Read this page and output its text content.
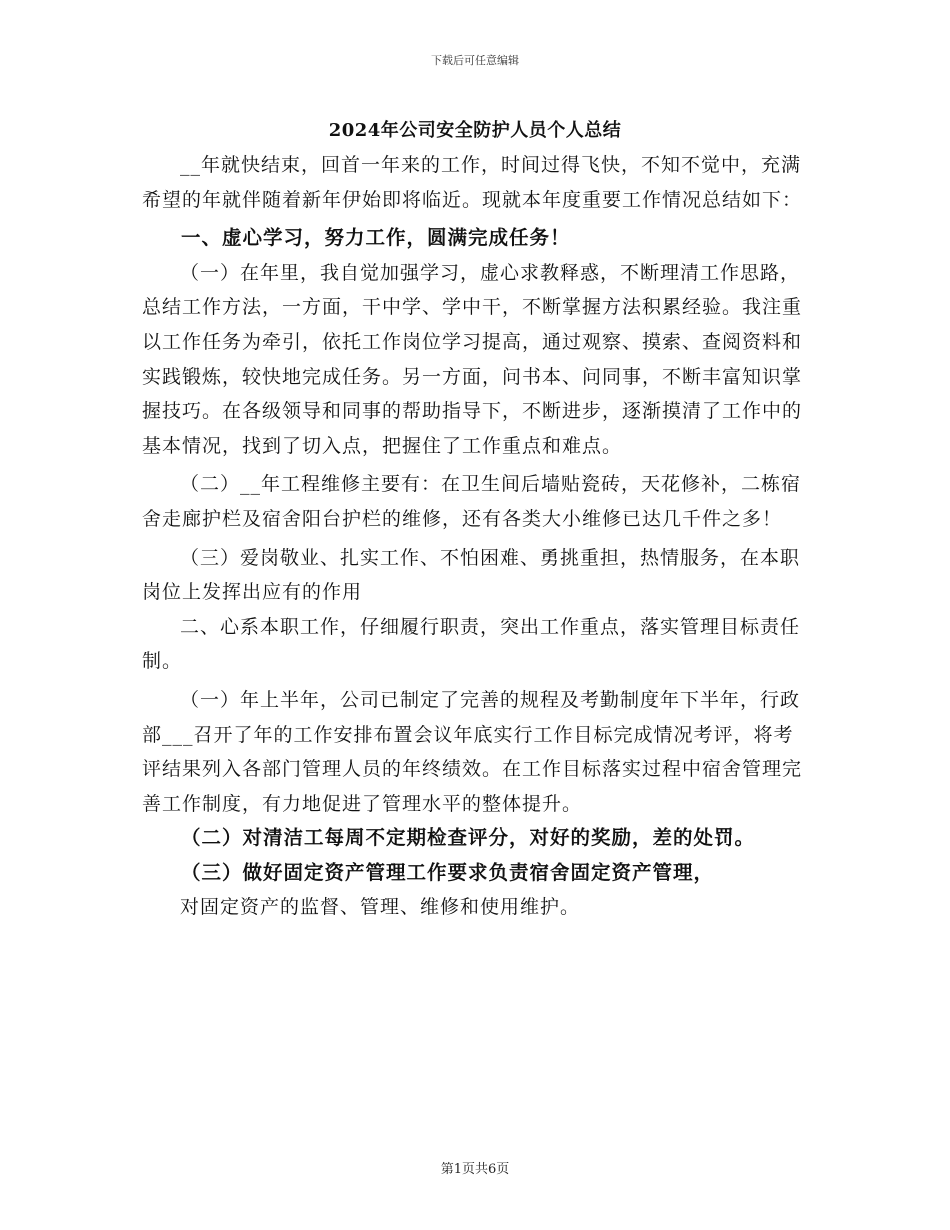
下载后可任意编辑
2024年公司安全防护人员个人总结

__年就快结束，回首一年来的工作，时间过得飞快，不知不觉中，充满希望的年就伴随着新年伊始即将临近。现就本年度重要工作情况总结如下：

一、虚心学习，努力工作，圆满完成任务！

（一）在年里，我自觉加强学习，虚心求教释惑，不断理清工作思路，总结工作方法，一方面，干中学、学中干，不断掌握方法积累经验。我注重以工作任务为牵引，依托工作岗位学习提高，通过观察、摸索、查阅资料和实践锻炼，较快地完成任务。另一方面，问书本、问同事，不断丰富知识掌握技巧。在各级领导和同事的帮助指导下，不断进步，逐渐摸清了工作中的基本情况，找到了切入点，把握住了工作重点和难点。

（二）__年工程维修主要有：在卫生间后墙贴瓷砖，天花修补，二栋宿舍走廊护栏及宿舍阳台护栏的维修，还有各类大小维修已达几千件之多！

（三）爱岗敬业、扎实工作、不怕困难、勇挑重担，热情服务，在本职岗位上发挥出应有的作用

二、心系本职工作，仔细履行职责，突出工作重点，落实管理目标责任制。

（一）年上半年，公司已制定了完善的规程及考勤制度年下半年，行政部___召开了年的工作安排布置会议年底实行工作目标完成情况考评，将考评结果列入各部门管理人员的年终绩效。在工作目标落实过程中宿舍管理完善工作制度，有力地促进了管理水平的整体提升。

（二）对清洁工每周不定期检查评分，对好的奖励，差的处罚。

（三）做好固定资产管理工作要求负责宿舍固定资产管理，

对固定资产的监督、管理、维修和使用维护。

第1页共6页
